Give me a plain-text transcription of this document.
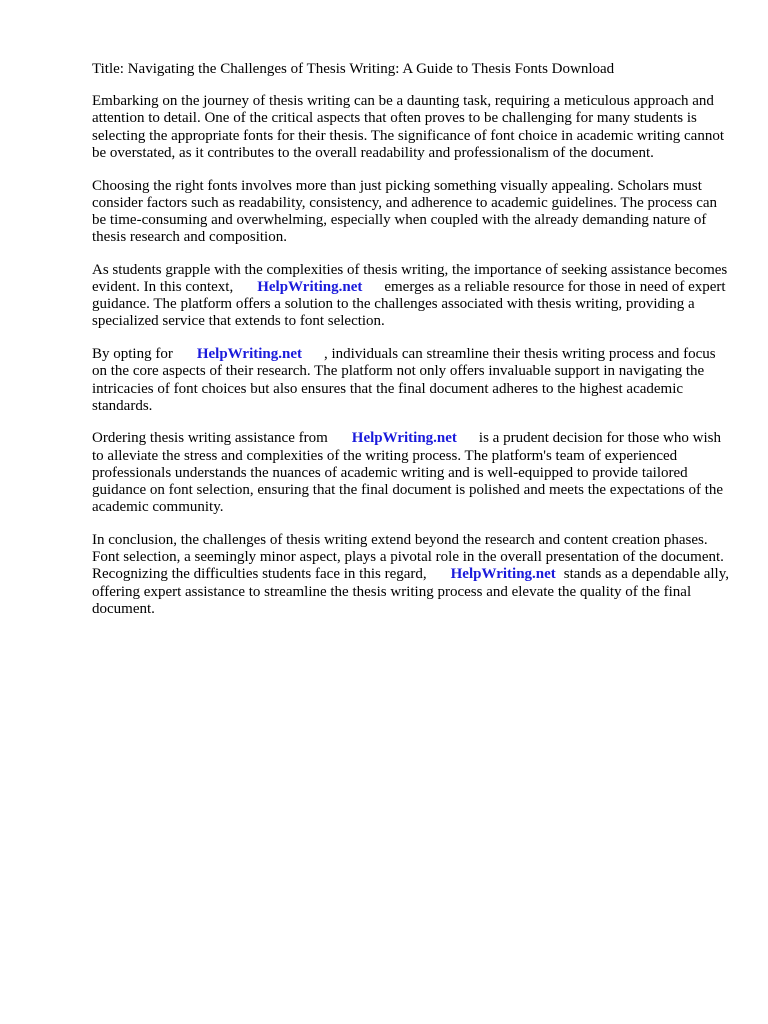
Title: Navigating the Challenges of Thesis Writing: A Guide to Thesis Fonts Download

Embarking on the journey of thesis writing can be a daunting task, requiring a meticulous approach and attention to detail. One of the critical aspects that often proves to be challenging for many students is selecting the appropriate fonts for their thesis. The significance of font choice in academic writing cannot be overstated, as it contributes to the overall readability and professionalism of the document.

Choosing the right fonts involves more than just picking something visually appealing. Scholars must consider factors such as readability, consistency, and adherence to academic guidelines. The process can be time-consuming and overwhelming, especially when coupled with the already demanding nature of thesis research and composition.

As students grapple with the complexities of thesis writing, the importance of seeking assistance becomes evident. In this context, HelpWriting.net emerges as a reliable resource for those in need of expert guidance. The platform offers a solution to the challenges associated with thesis writing, providing a specialized service that extends to font selection.

By opting for HelpWriting.net , individuals can streamline their thesis writing process and focus on the core aspects of their research. The platform not only offers invaluable support in navigating the intricacies of font choices but also ensures that the final document adheres to the highest academic standards.

Ordering thesis writing assistance from HelpWriting.net is a prudent decision for those who wish to alleviate the stress and complexities of the writing process. The platform's team of experienced professionals understands the nuances of academic writing and is well-equipped to provide tailored guidance on font selection, ensuring that the final document is polished and meets the expectations of the academic community.

In conclusion, the challenges of thesis writing extend beyond the research and content creation phases. Font selection, a seemingly minor aspect, plays a pivotal role in the overall presentation of the document. Recognizing the difficulties students face in this regard, HelpWriting.net stands as a dependable ally, offering expert assistance to streamline the thesis writing process and elevate the quality of the final document.
